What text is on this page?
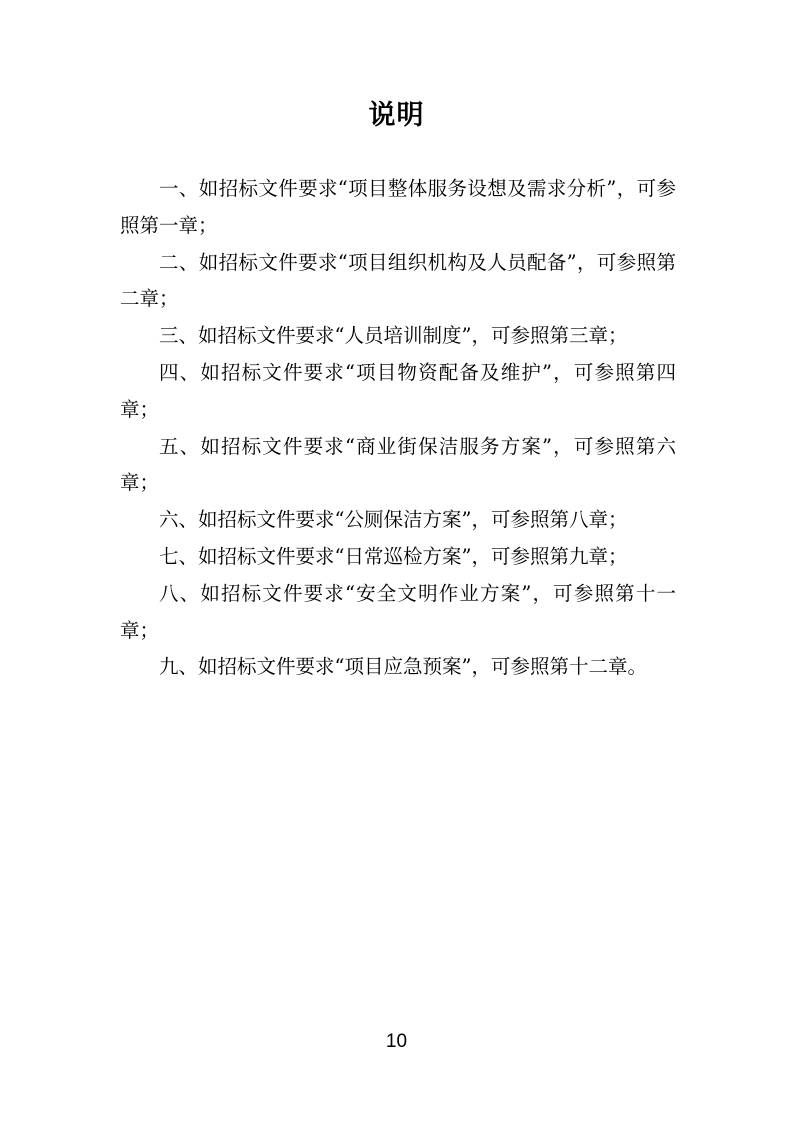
说明

一、如招标文件要求“项目整体服务设想及需求分析”，可参照第一章；

二、如招标文件要求“项目组织机构及人员配备”，可参照第二章；

三、如招标文件要求“人员培训制度”，可参照第三章；

四、如招标文件要求“项目物资配备及维护”，可参照第四章；

五、如招标文件要求“商业街保洁服务方案”，可参照第六章；

六、如招标文件要求“公厕保洁方案”，可参照第八章；

七、如招标文件要求“日常巡检方案”，可参照第九章；

八、如招标文件要求“安全文明作业方案”，可参照第十一章；

九、如招标文件要求“项目应急预案”，可参照第十二章。

10
